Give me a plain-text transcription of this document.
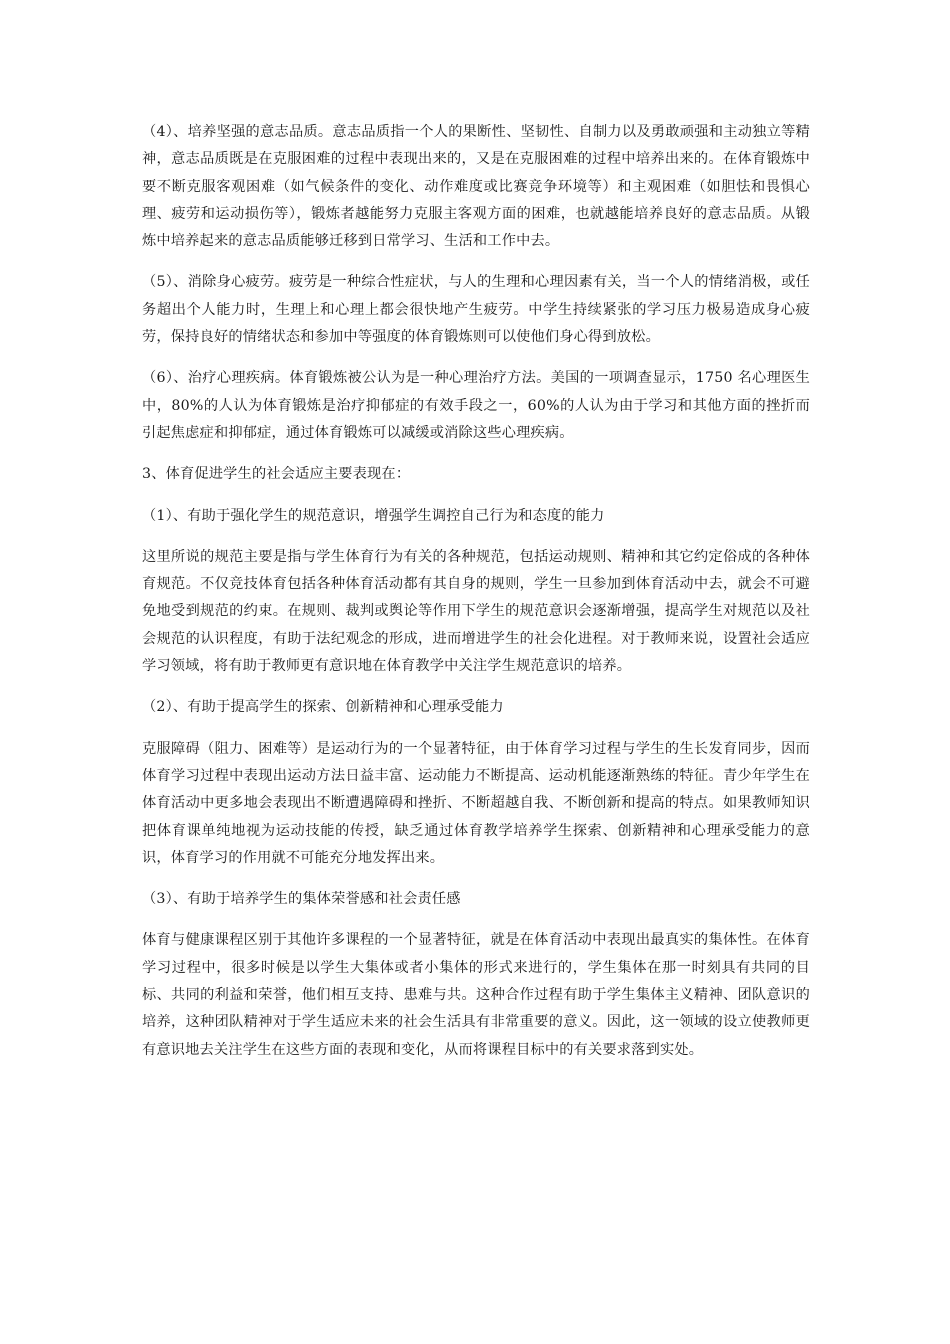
（4）、培养坚强的意志品质。意志品质指一个人的果断性、坚韧性、自制力以及勇敢顽强和主动独立等精神，意志品质既是在克服困难的过程中表现出来的，又是在克服困难的过程中培养出来的。在体育锻炼中要不断克服客观困难（如气候条件的变化、动作难度或比赛竞争环境等）和主观困难（如胆怯和畏惧心理、疲劳和运动损伤等），锻炼者越能努力克服主客观方面的困难，也就越能培养良好的意志品质。从锻炼中培养起来的意志品质能够迁移到日常学习、生活和工作中去。

（5）、消除身心疲劳。疲劳是一种综合性症状，与人的生理和心理因素有关，当一个人的情绪消极，或任务超出个人能力时，生理上和心理上都会很快地产生疲劳。中学生持续紧张的学习压力极易造成身心疲劳，保持良好的情绪状态和参加中等强度的体育锻炼则可以使他们身心得到放松。

（6）、治疗心理疾病。体育锻炼被公认为是一种心理治疗方法。美国的一项调查显示，1750 名心理医生中，80%的人认为体育锻炼是治疗抑郁症的有效手段之一，60%的人认为由于学习和其他方面的挫折而引起焦虑症和抑郁症，通过体育锻炼可以减缓或消除这些心理疾病。

3、体育促进学生的社会适应主要表现在：

（1）、有助于强化学生的规范意识，增强学生调控自己行为和态度的能力

这里所说的规范主要是指与学生体育行为有关的各种规范，包括运动规则、精神和其它约定俗成的各种体育规范。不仅竞技体育包括各种体育活动都有其自身的规则，学生一旦参加到体育活动中去，就会不可避免地受到规范的约束。在规则、裁判或舆论等作用下学生的规范意识会逐渐增强，提高学生对规范以及社会规范的认识程度，有助于法纪观念的形成，进而增进学生的社会化进程。对于教师来说，设置社会适应学习领域，将有助于教师更有意识地在体育教学中关注学生规范意识的培养。

（2）、有助于提高学生的探索、创新精神和心理承受能力

克服障碍（阻力、困难等）是运动行为的一个显著特征，由于体育学习过程与学生的生长发育同步，因而体育学习过程中表现出运动方法日益丰富、运动能力不断提高、运动机能逐渐熟练的特征。青少年学生在体育活动中更多地会表现出不断遭遇障碍和挫折、不断超越自我、不断创新和提高的特点。如果教师知识把体育课单纯地视为运动技能的传授，缺乏通过体育教学培养学生探索、创新精神和心理承受能力的意识，体育学习的作用就不可能充分地发挥出来。

（3）、有助于培养学生的集体荣誉感和社会责任感

体育与健康课程区别于其他许多课程的一个显著特征，就是在体育活动中表现出最真实的集体性。在体育学习过程中，很多时候是以学生大集体或者小集体的形式来进行的，学生集体在那一时刻具有共同的目标、共同的利益和荣誉，他们相互支持、患难与共。这种合作过程有助于学生集体主义精神、团队意识的培养，这种团队精神对于学生适应未来的社会生活具有非常重要的意义。因此，这一领域的设立使教师更有意识地去关注学生在这些方面的表现和变化，从而将课程目标中的有关要求落到实处。
